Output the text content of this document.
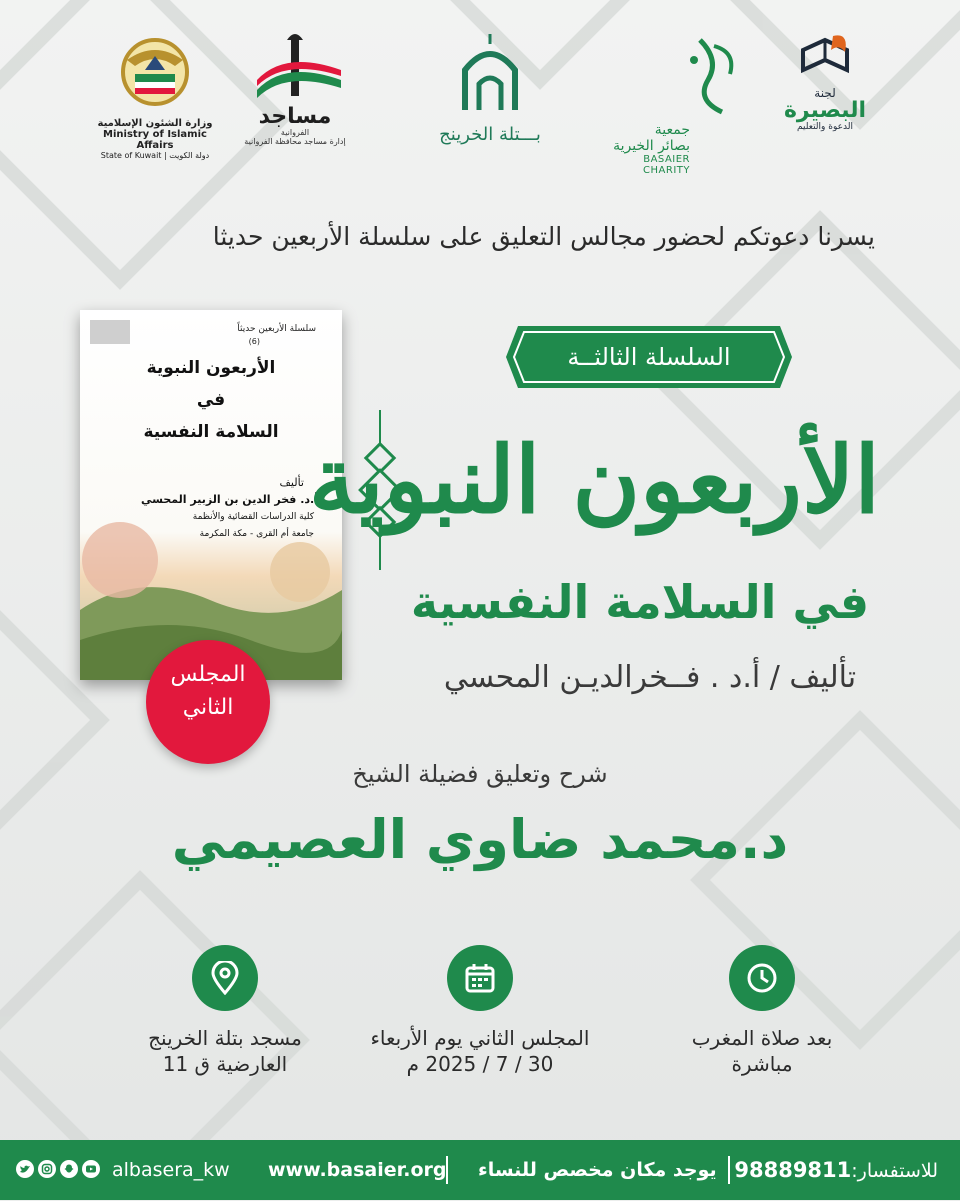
لجنة
البصيرة
الدعوة والتعليم
جمعية
بصائر الخيرية
BASAIER CHARITY
بـــتلة الخرينج
مساجد
الفروانية
إدارة مساجد محافظة الفروانية
وزارة الشئون الإسلامية
Ministry of Islamic Affairs
State of Kuwait | دولة الكويت
يسرنا دعوتكم لحضور مجالس التعليق على سلسلة الأربعين حديثا
سلسلة الأربعين حديثاً
(6)
الأربعون النبوية
في
السلامة النفسية
تأليف
أ.د. فخر الدين بن الزبير المحسي
كلية الدراسات القضائية والأنظمة
جامعة أم القرى - مكة المكرمة
المجلس
الثاني
السلسلة الثالثــة
الأربعون النبوية
في السلامة النفسية
تأليف / أ.د . فــخرالديـن المحسي
شرح وتعليق فضيلة الشيخ
د.محمد ضاوي العصيمي
مسجد بتلة الخرينج
العارضية ق 11
المجلس الثاني يوم الأربعاء
30 / 7 / 2025 م
بعد صلاة المغرب
مباشرة
للاستفسار:98889811
يوجد مكان مخصص للنساء
www.basaier.org
albasera_kw
